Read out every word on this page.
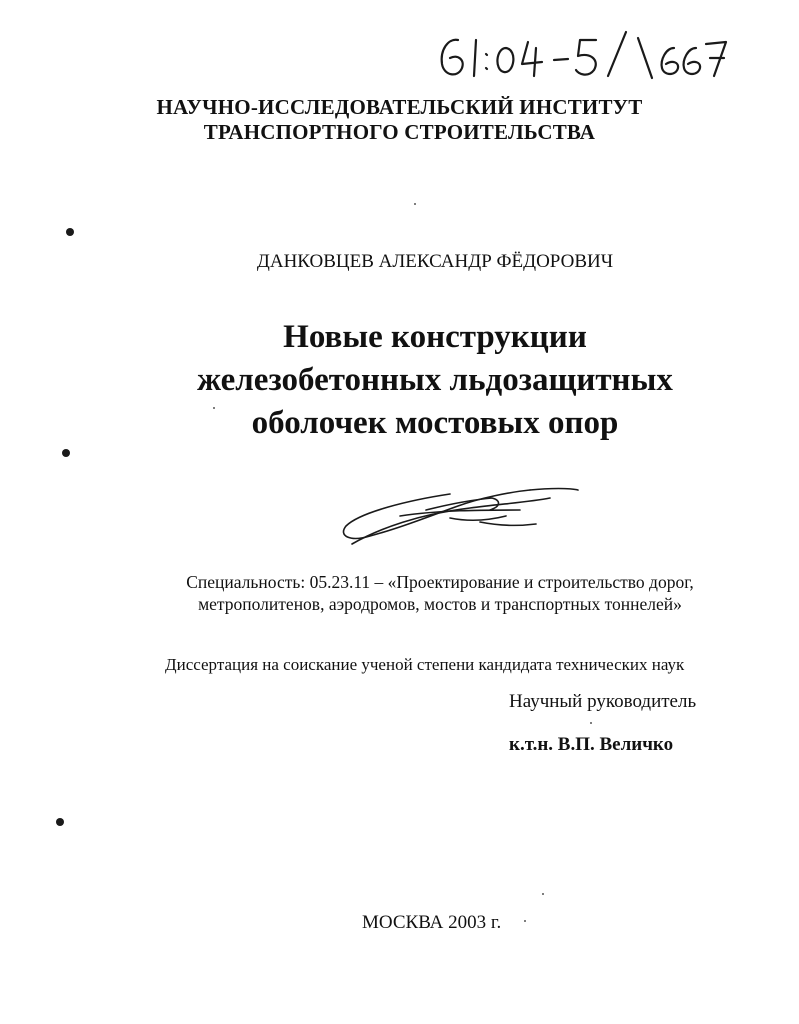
НАУЧНО-ИССЛЕДОВАТЕЛЬСКИЙ ИНСТИТУТ
ТРАНСПОРТНОГО СТРОИТЕЛЬСТВА
ДАНКОВЦЕВ АЛЕКСАНДР ФЁДОРОВИЧ
Новые конструкции
железобетонных льдозащитных
оболочек мостовых опор
Специальность: 05.23.11 – «Проектирование и строительство дорог,
метрополитенов, аэродромов, мостов и транспортных тоннелей»
Диссертация на соискание ученой степени кандидата технических наук
Научный руководитель
к.т.н. В.П. Величко
МОСКВА 2003 г.
